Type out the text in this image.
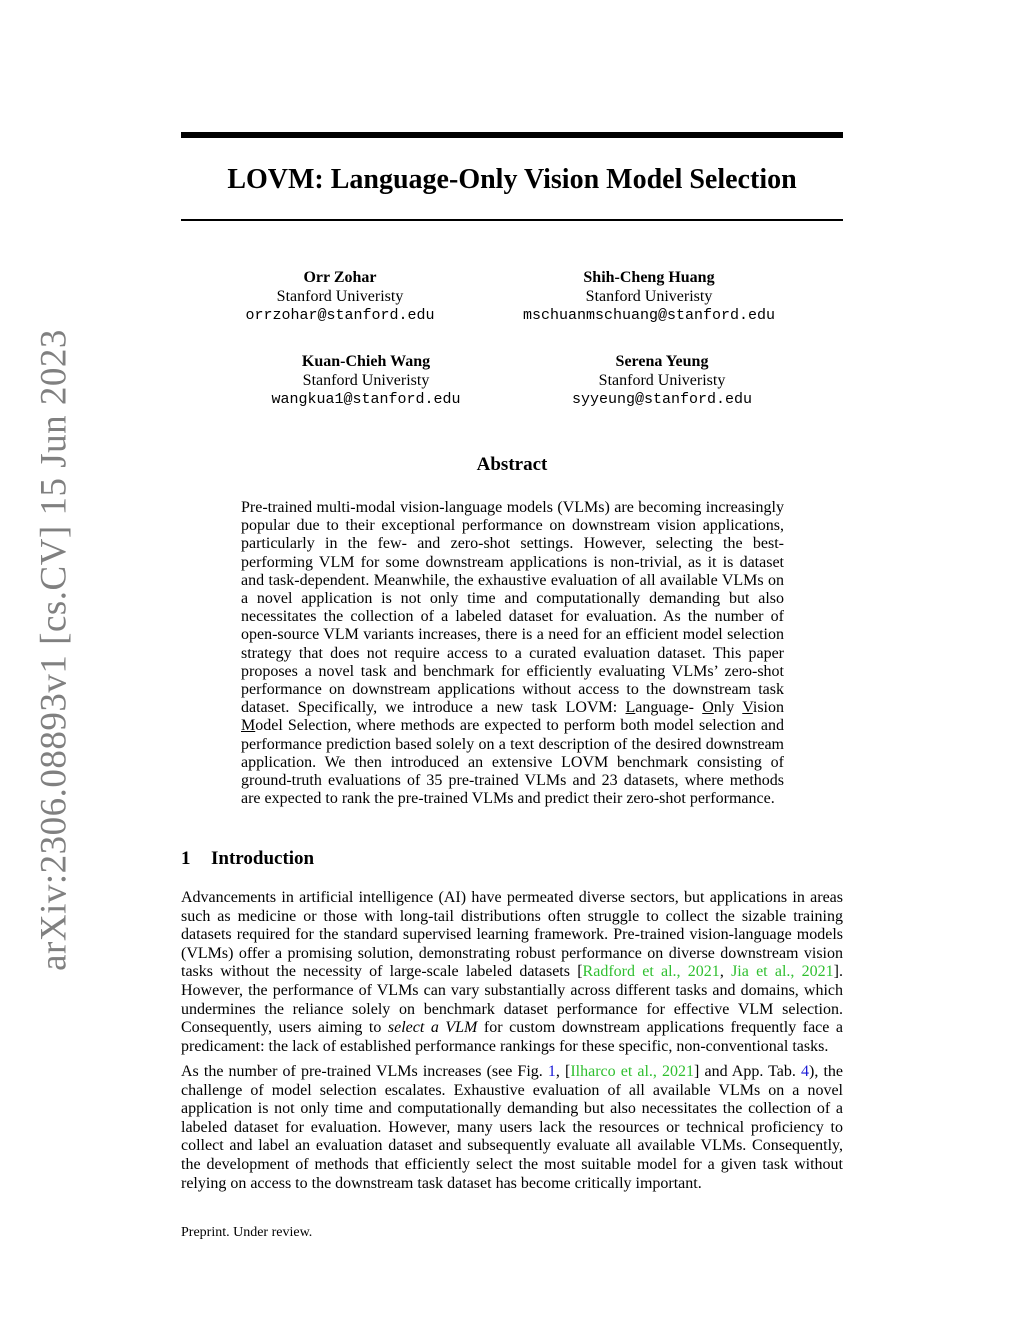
arXiv:2306.08893v1 [cs.CV] 15 Jun 2023
LOVM: Language-Only Vision Model Selection
Orr Zohar
Stanford Univeristy
orrzohar@stanford.edu
Shih-Cheng Huang
Stanford Univeristy
mschuanmschuang@stanford.edu
Kuan-Chieh Wang
Stanford Univeristy
wangkua1@stanford.edu
Serena Yeung
Stanford Univeristy
syyeung@stanford.edu
Abstract
Pre-trained multi-modal vision-language models (VLMs) are becoming increasingly popular due to their exceptional performance on downstream vision applications, particularly in the few- and zero-shot settings. However, selecting the best-performing VLM for some downstream applications is non-trivial, as it is dataset and task-dependent. Meanwhile, the exhaustive evaluation of all available VLMs on a novel application is not only time and computationally demanding but also necessitates the collection of a labeled dataset for evaluation. As the number of open-source VLM variants increases, there is a need for an efficient model selection strategy that does not require access to a curated evaluation dataset. This paper proposes a novel task and benchmark for efficiently evaluating VLMs’ zero-shot performance on downstream applications without access to the downstream task dataset. Specifically, we introduce a new task LOVM: Language- Only Vision Model Selection, where methods are expected to perform both model selection and performance prediction based solely on a text description of the desired downstream application. We then introduced an extensive LOVM benchmark consisting of ground-truth evaluations of 35 pre-trained VLMs and 23 datasets, where methods are expected to rank the pre-trained VLMs and predict their zero-shot performance.
1 Introduction

Advancements in artificial intelligence (AI) have permeated diverse sectors, but applications in areas such as medicine or those with long-tail distributions often struggle to collect the sizable training datasets required for the standard supervised learning framework. Pre-trained vision-language models (VLMs) offer a promising solution, demonstrating robust performance on diverse downstream vision tasks without the necessity of large-scale labeled datasets [Radford et al., 2021, Jia et al., 2021]. However, the performance of VLMs can vary substantially across different tasks and domains, which undermines the reliance solely on benchmark dataset performance for effective VLM selection. Consequently, users aiming to select a VLM for custom downstream applications frequently face a predicament: the lack of established performance rankings for these specific, non-conventional tasks.

As the number of pre-trained VLMs increases (see Fig. 1, [Ilharco et al., 2021] and App. Tab. 4), the challenge of model selection escalates. Exhaustive evaluation of all available VLMs on a novel application is not only time and computationally demanding but also necessitates the collection of a labeled dataset for evaluation. However, many users lack the resources or technical proficiency to collect and label an evaluation dataset and subsequently evaluate all available VLMs. Consequently, the development of methods that efficiently select the most suitable model for a given task without relying on access to the downstream task dataset has become critically important.

Preprint. Under review.
